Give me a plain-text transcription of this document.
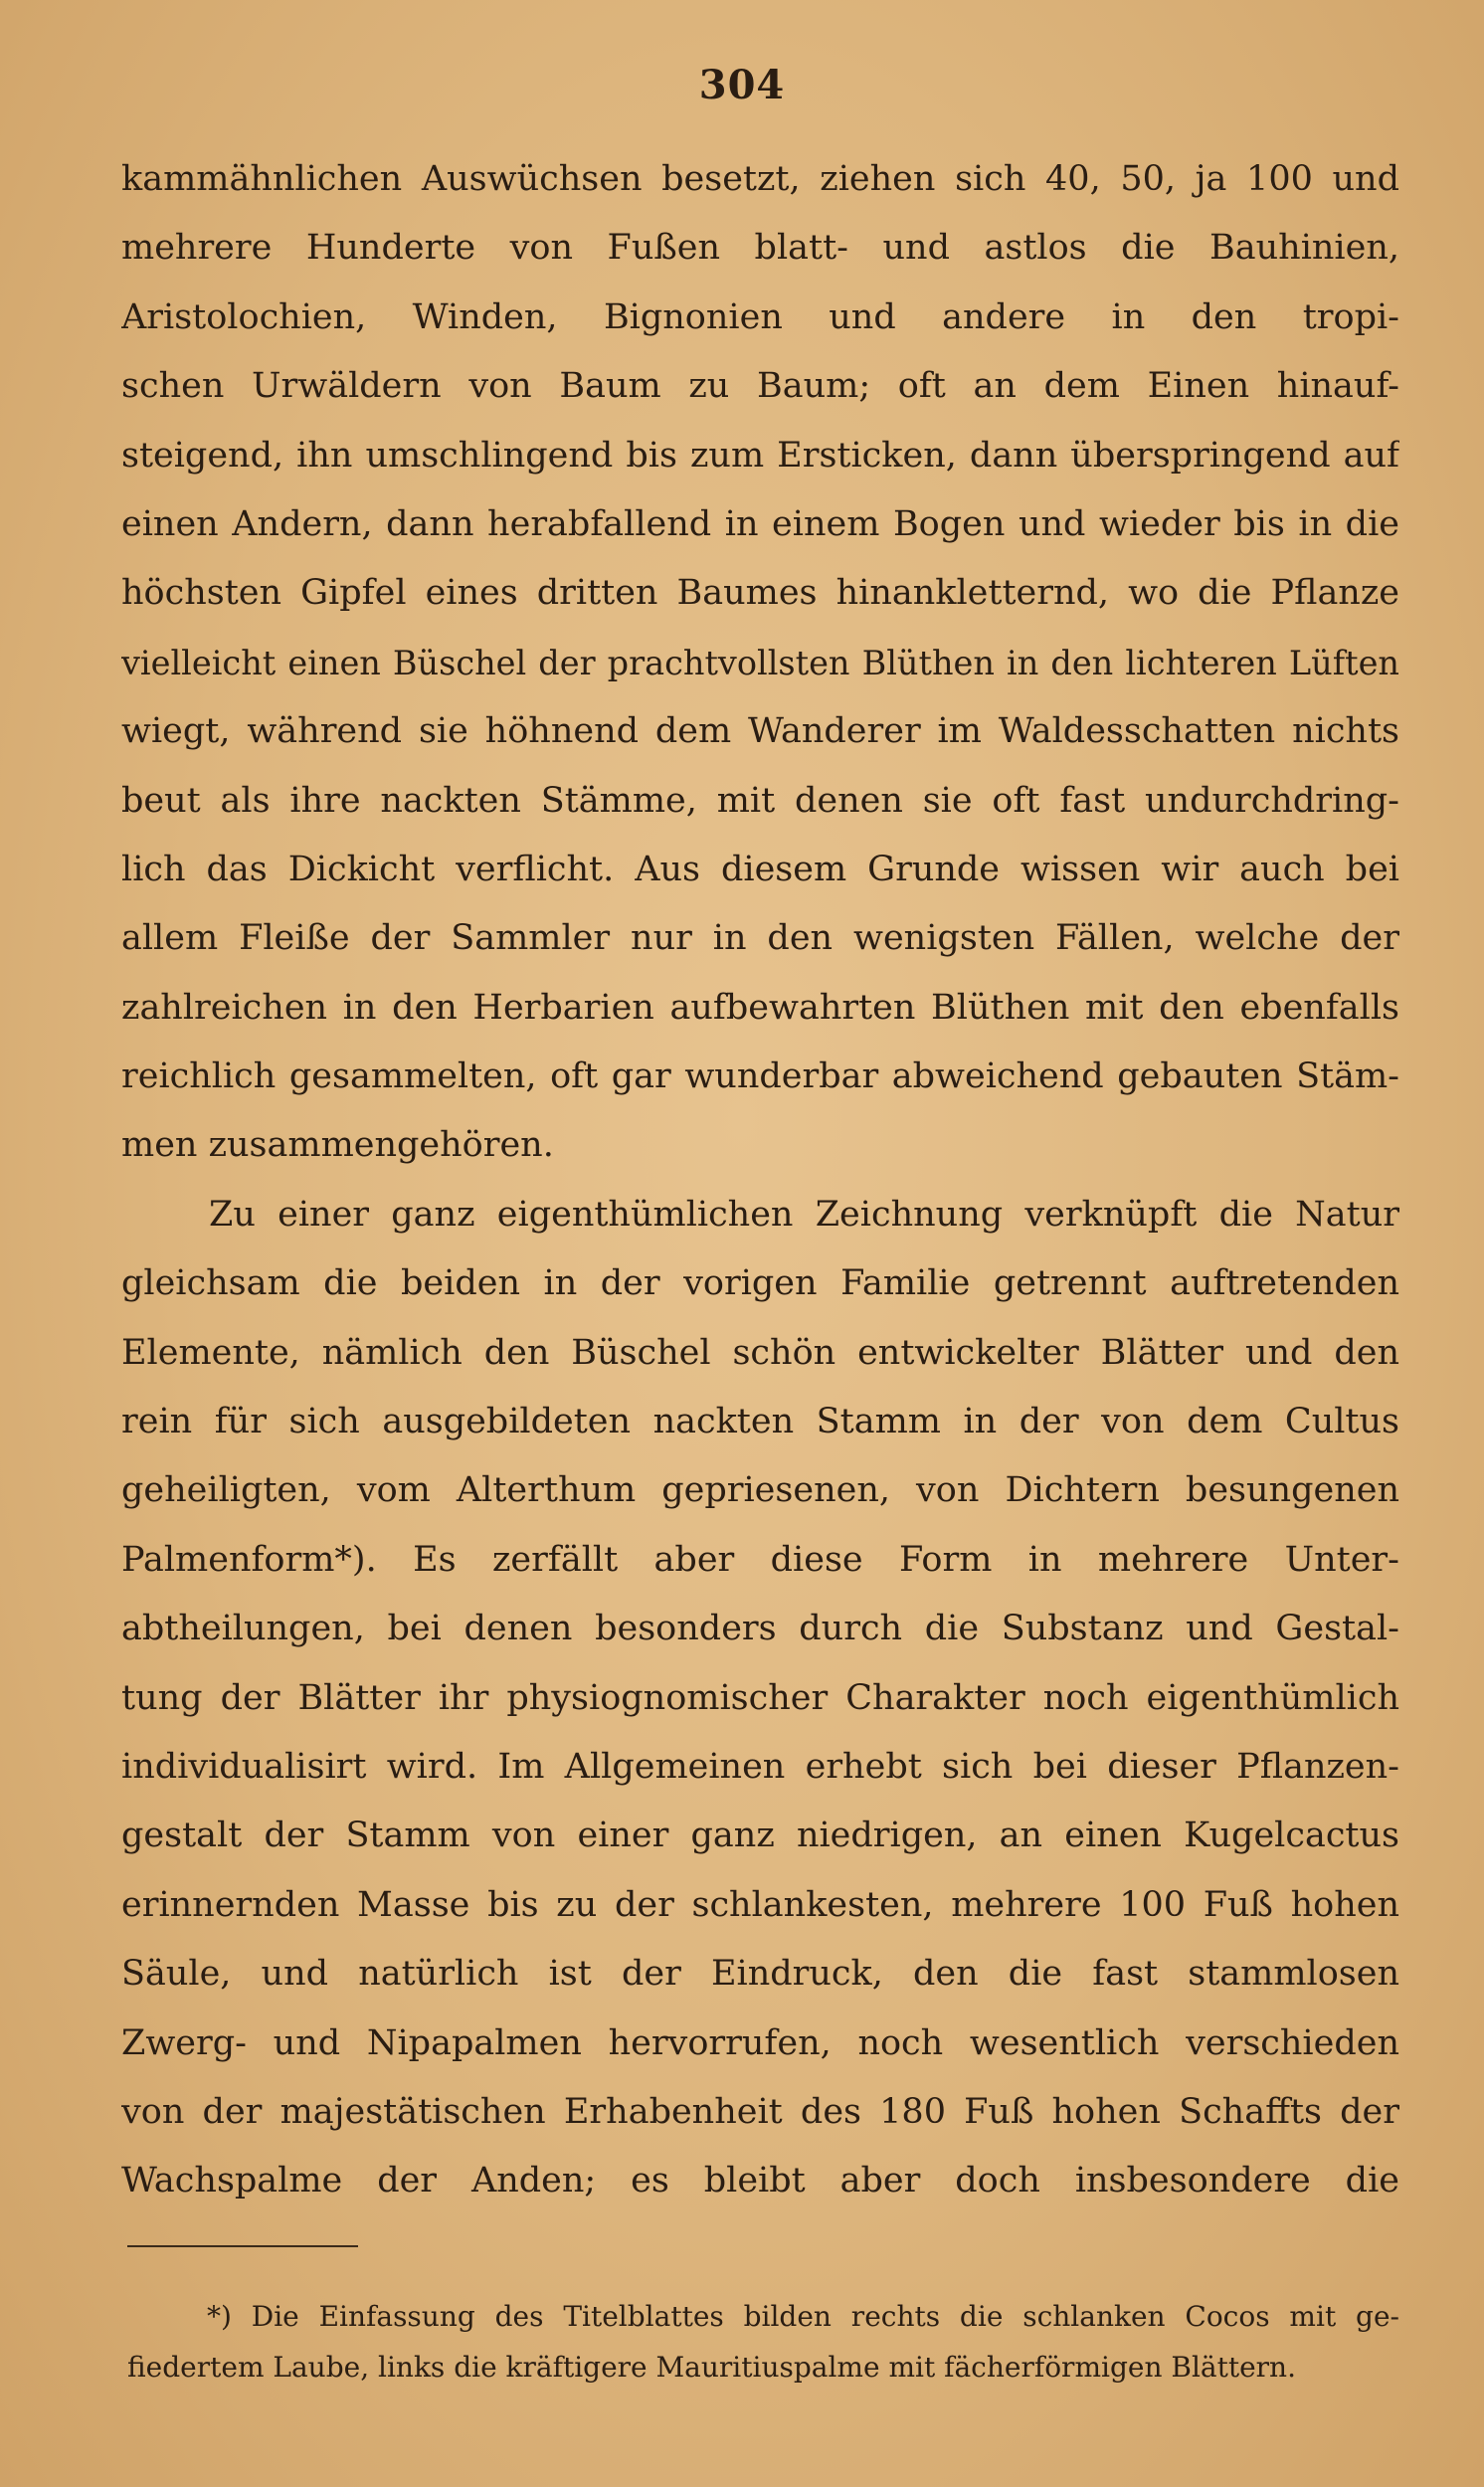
304
kammähnlichen Auswüchsen besetzt, ziehen sich 40, 50, ja 100 und
mehrere Hunderte von Fußen blatt- und astlos die Bauhinien,
Aristolochien, Winden, Bignonien und andere in den tropi-
schen Urwäldern von Baum zu Baum; oft an dem Einen hinauf-
steigend, ihn umschlingend bis zum Ersticken, dann überspringend auf
einen Andern, dann herabfallend in einem Bogen und wieder bis in die
höchsten Gipfel eines dritten Baumes hinankletternd, wo die Pflanze
vielleicht einen Büschel der prachtvollsten Blüthen in den lichteren Lüften
wiegt, während sie höhnend dem Wanderer im Waldesschatten nichts
beut als ihre nackten Stämme, mit denen sie oft fast undurchdring-
lich das Dickicht verflicht. Aus diesem Grunde wissen wir auch bei
allem Fleiße der Sammler nur in den wenigsten Fällen, welche der
zahlreichen in den Herbarien aufbewahrten Blüthen mit den ebenfalls
reichlich gesammelten, oft gar wunderbar abweichend gebauten Stäm-
men zusammengehören.
Zu einer ganz eigenthümlichen Zeichnung verknüpft die Natur
gleichsam die beiden in der vorigen Familie getrennt auftretenden
Elemente, nämlich den Büschel schön entwickelter Blätter und den
rein für sich ausgebildeten nackten Stamm in der von dem Cultus
geheiligten, vom Alterthum gepriesenen, von Dichtern besungenen
Palmenform*). Es zerfällt aber diese Form in mehrere Unter-
abtheilungen, bei denen besonders durch die Substanz und Gestal-
tung der Blätter ihr physiognomischer Charakter noch eigenthümlich
individualisirt wird. Im Allgemeinen erhebt sich bei dieser Pflanzen-
gestalt der Stamm von einer ganz niedrigen, an einen Kugelcactus
erinnernden Masse bis zu der schlankesten, mehrere 100 Fuß hohen
Säule, und natürlich ist der Eindruck, den die fast stammlosen
Zwerg- und Nipapalmen hervorrufen, noch wesentlich verschieden
von der majestätischen Erhabenheit des 180 Fuß hohen Schaffts der
Wachspalme der Anden; es bleibt aber doch insbesondere die
*) Die Einfassung des Titelblattes bilden rechts die schlanken Cocos mit ge-
fiedertem Laube, links die kräftigere Mauritiuspalme mit fächerförmigen Blättern.
